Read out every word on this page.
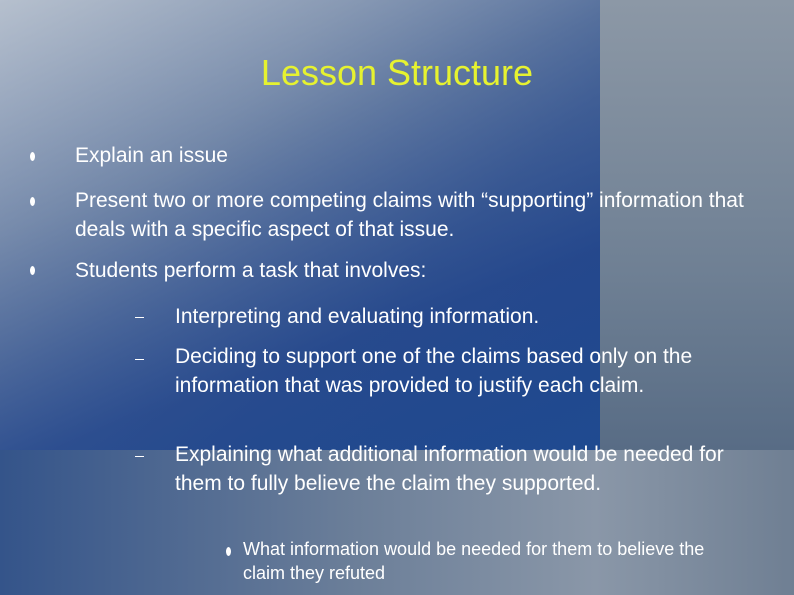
Lesson Structure
Explain an issue
Present two or more competing claims with “supporting” information that deals with a specific aspect of that issue.
Students perform a task that involves:
Interpreting and evaluating information.
Deciding to support one of the claims based only on the information that was provided to justify each claim.
Explaining what additional information would be needed for them to fully believe the claim they supported.
What information would be needed for them to believe the claim they refuted
